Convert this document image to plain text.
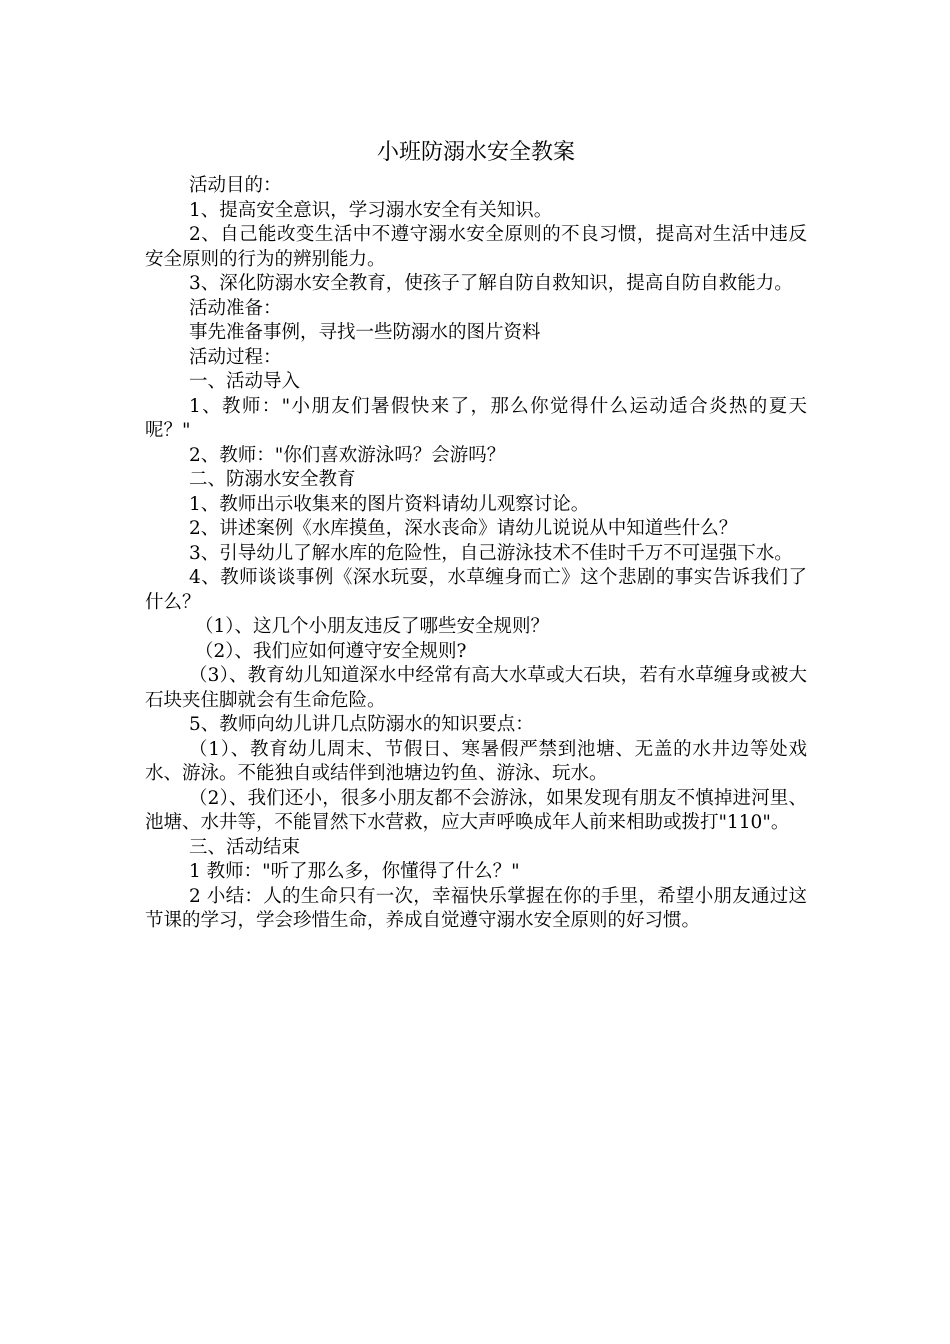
小班防溺水安全教案

活动目的：

1、提高安全意识，学习溺水安全有关知识。

2、自己能改变生活中不遵守溺水安全原则的不良习惯，提高对生活中违反安全原则的行为的辨别能力。

3、深化防溺水安全教育，使孩子了解自防自救知识，提高自防自救能力。

活动准备：

事先准备事例，寻找一些防溺水的图片资料

活动过程：

一、活动导入

1、教师："小朋友们暑假快来了，那么你觉得什么运动适合炎热的夏天呢？"

2、教师："你们喜欢游泳吗？会游吗？

二、防溺水安全教育

1、教师出示收集来的图片资料请幼儿观察讨论。

2、讲述案例《水库摸鱼，深水丧命》请幼儿说说从中知道些什么？

3、引导幼儿了解水库的危险性，自己游泳技术不佳时千万不可逞强下水。

4、教师谈谈事例《深水玩耍，水草缠身而亡》这个悲剧的事实告诉我们了什么？

（1）、这几个小朋友违反了哪些安全规则？

（2）、我们应如何遵守安全规则?

（3）、教育幼儿知道深水中经常有高大水草或大石块，若有水草缠身或被大石块夹住脚就会有生命危险。

5、教师向幼儿讲几点防溺水的知识要点：

（1）、教育幼儿周末、节假日、寒暑假严禁到池塘、无盖的水井边等处戏水、游泳。不能独自或结伴到池塘边钓鱼、游泳、玩水。

（2）、我们还小，很多小朋友都不会游泳，如果发现有朋友不慎掉进河里、池塘、水井等，不能冒然下水营救，应大声呼唤成年人前来相助或拨打"110"。

三、活动结束

1 教师："听了那么多，你懂得了什么？"

2 小结：人的生命只有一次，幸福快乐掌握在你的手里，希望小朋友通过这节课的学习，学会珍惜生命，养成自觉遵守溺水安全原则的好习惯。
